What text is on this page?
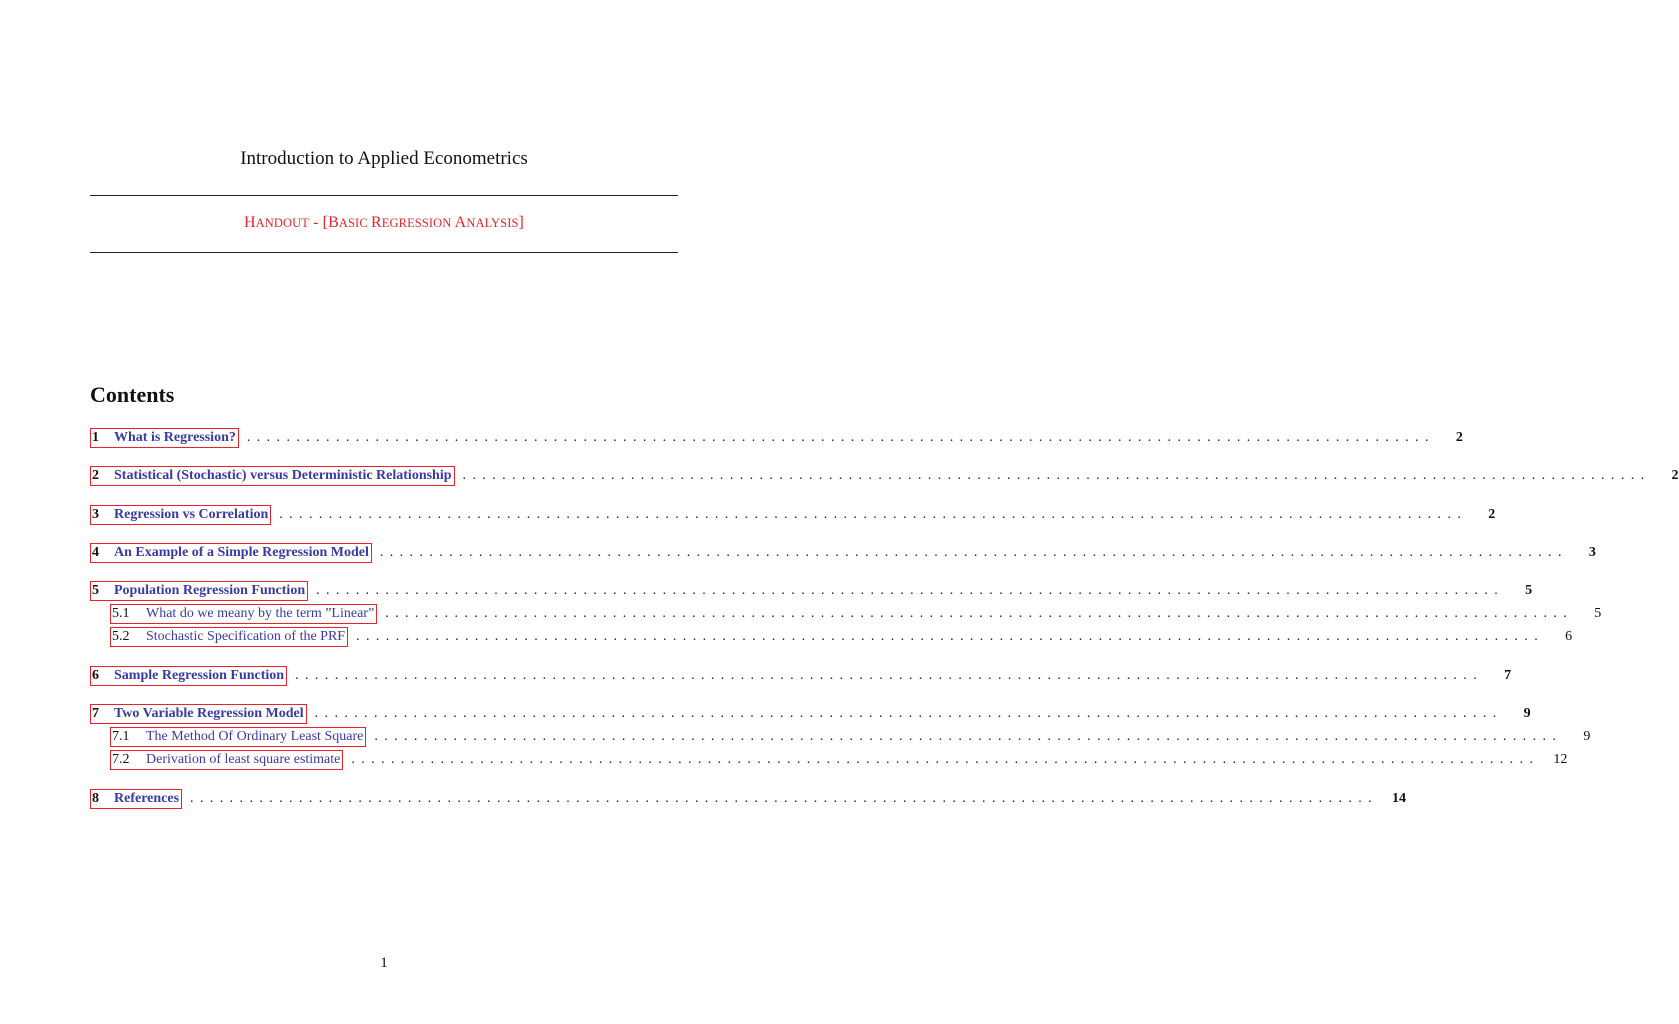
Introduction to Applied Econometrics
HANDOUT - [BASIC REGRESSION ANALYSIS]
Contents
1 What is Regression? ........................................................................................................................	2
2 Statistical (Stochastic) versus Deterministic Relationship ........................................................................................................................	2
3 Regression vs Correlation ........................................................................................................................	2
4 An Example of a Simple Regression Model ........................................................................................................................	3
5 Population Regression Function ........................................................................................................................	5
5.1 What do we meany by the term ”Linear” ........................................................................................................................	5
5.2 Stochastic Specification of the PRF ........................................................................................................................	6
6 Sample Regression Function ........................................................................................................................	7
7 Two Variable Regression Model ........................................................................................................................	9
7.1 The Method Of Ordinary Least Square ........................................................................................................................	9
7.2 Derivation of least square estimate ........................................................................................................................ 12
8 References ........................................................................................................................ 14
1
